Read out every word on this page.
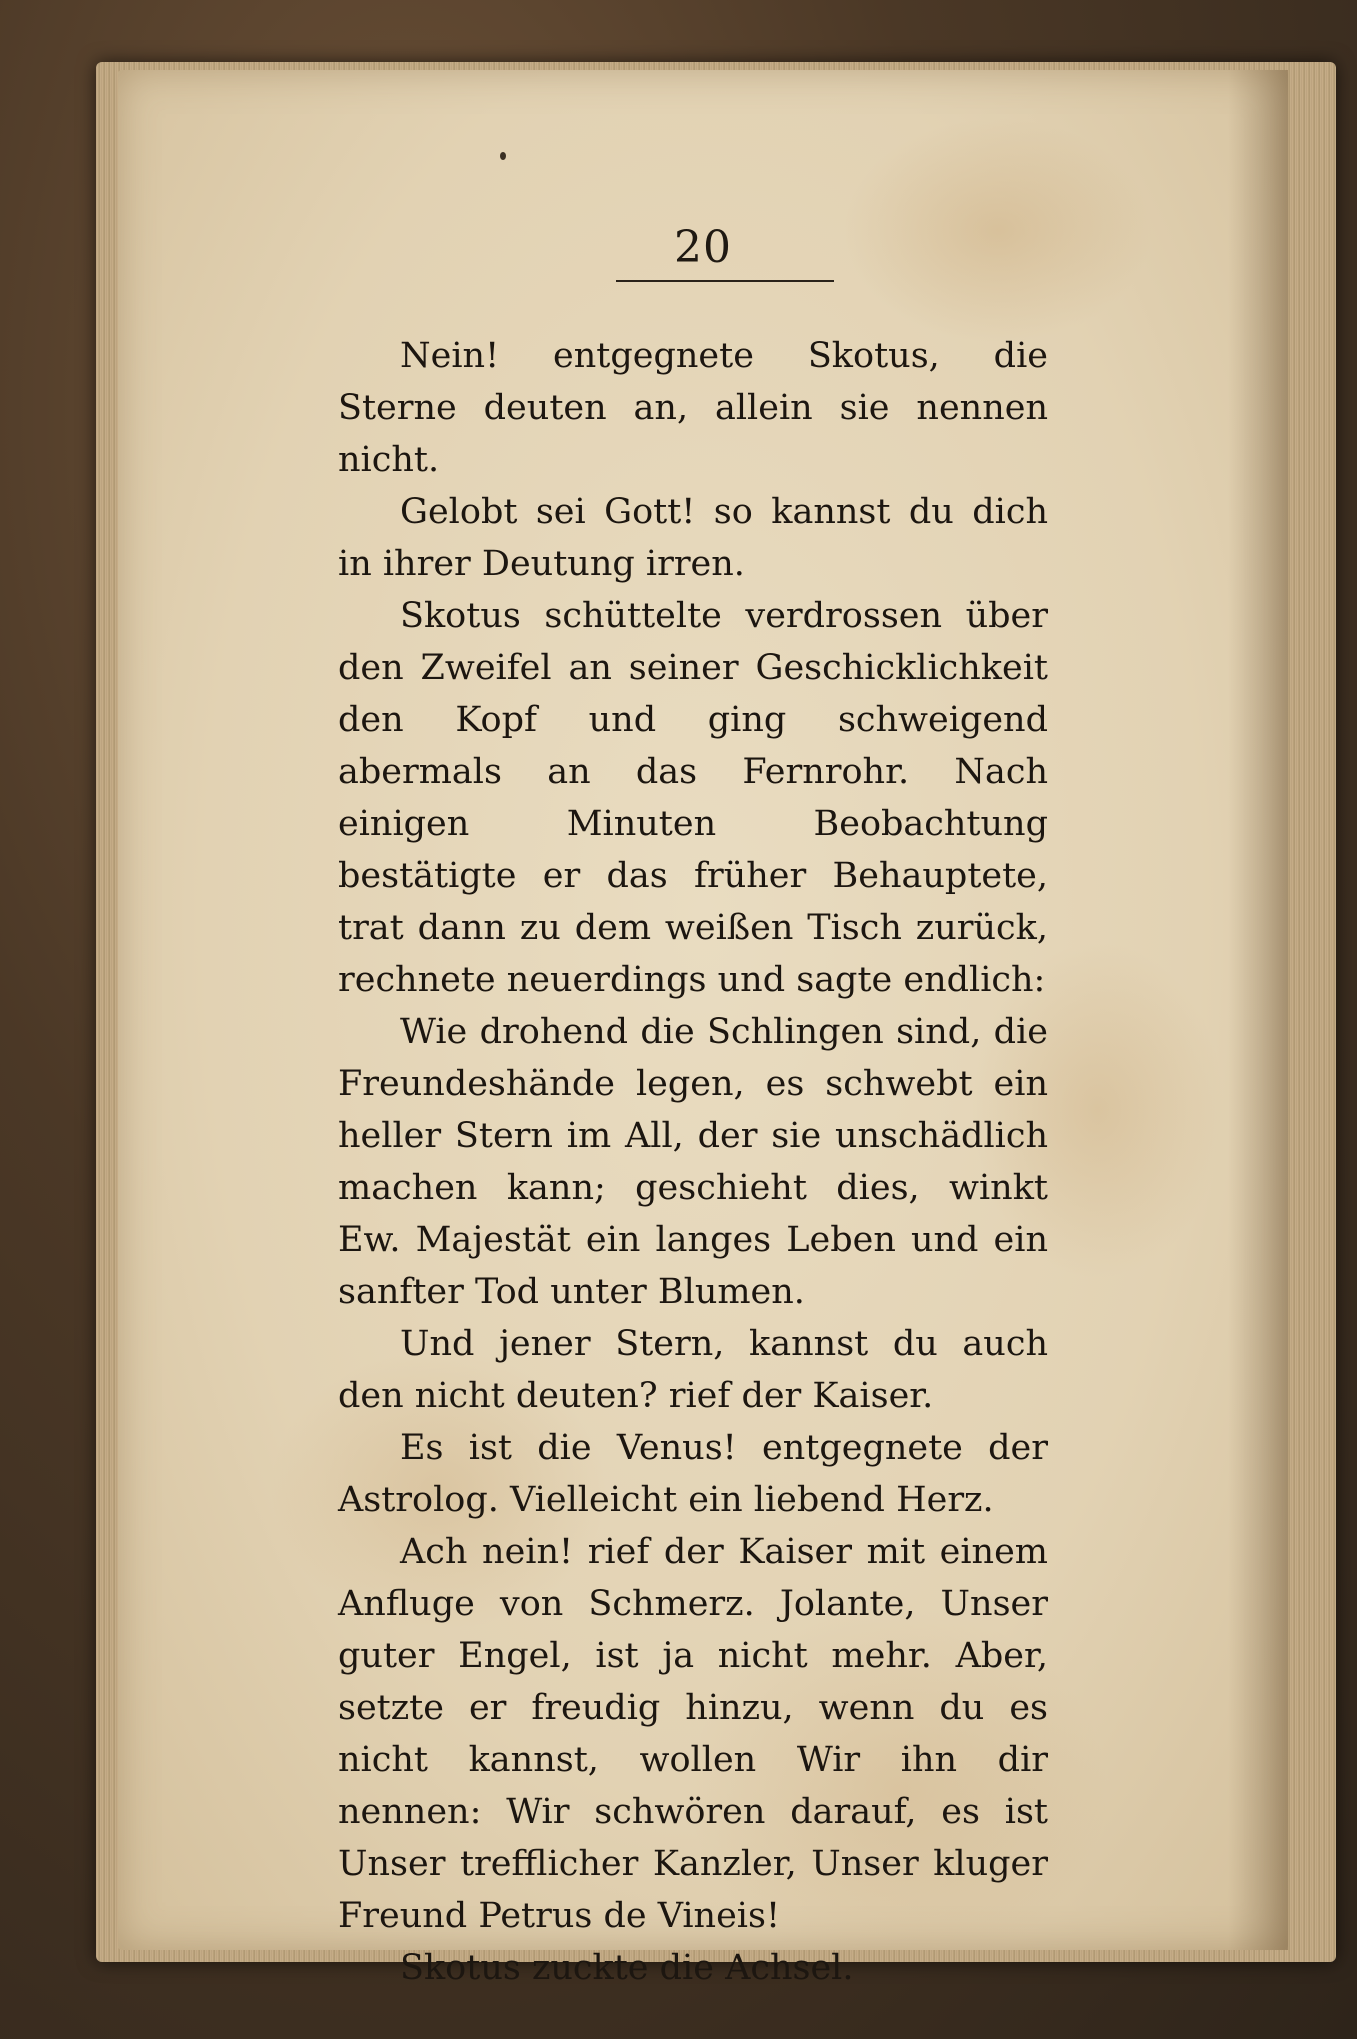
20

Nein! entgegnete Skotus, die Sterne deuten an, allein sie nennen nicht.

Gelobt sei Gott! so kannst du dich in ihrer Deutung irren.

Skotus schüttelte verdrossen über den Zweifel an seiner Geschicklichkeit den Kopf und ging schweigend abermals an das Fernrohr. Nach einigen Minuten Beobachtung bestätigte er das früher Behauptete, trat dann zu dem weißen Tisch zurück, rechnete neuerdings und sagte endlich:

Wie drohend die Schlingen sind, die Freundeshände legen, es schwebt ein heller Stern im All, der sie unschädlich machen kann; geschieht dies, winkt Ew. Majestät ein langes Leben und ein sanfter Tod unter Blumen.

Und jener Stern, kannst du auch den nicht deuten? rief der Kaiser.

Es ist die Venus! entgegnete der Astrolog. Vielleicht ein liebend Herz.

Ach nein! rief der Kaiser mit einem Anfluge von Schmerz. Jolante, Unser guter Engel, ist ja nicht mehr. Aber, setzte er freudig hinzu, wenn du es nicht kannst, wollen Wir ihn dir nennen: Wir schwören darauf, es ist Unser trefflicher Kanzler, Unser kluger Freund Petrus de Vineis!

Skotus zuckte die Achsel.
